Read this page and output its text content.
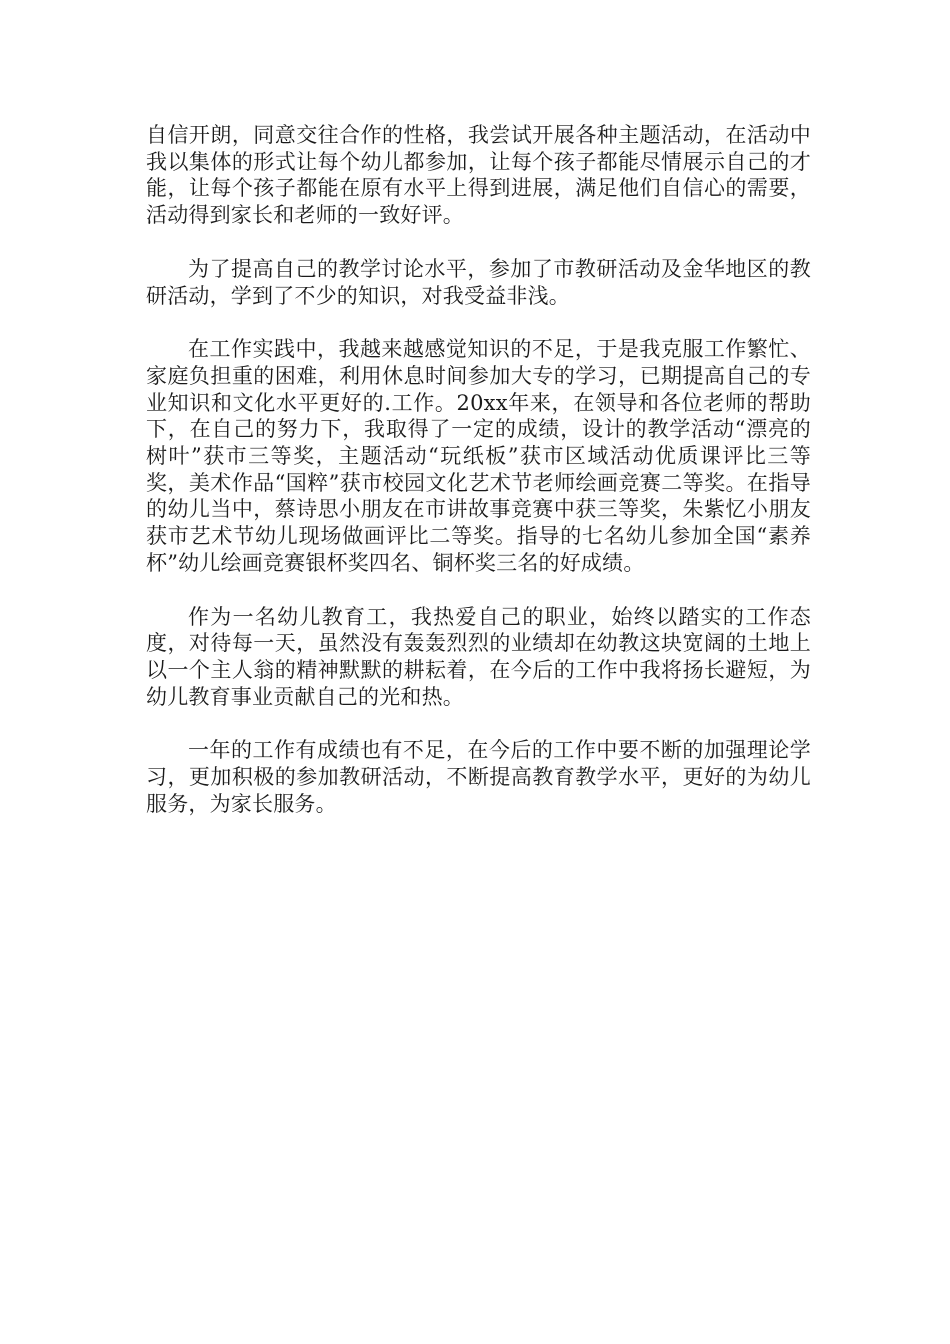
自信开朗，同意交往合作的性格，我尝试开展各种主题活动，在活动中我以集体的形式让每个幼儿都参加，让每个孩子都能尽情展示自己的才能，让每个孩子都能在原有水平上得到进展，满足他们自信心的需要，活动得到家长和老师的一致好评。

为了提高自己的教学讨论水平，参加了市教研活动及金华地区的教研活动，学到了不少的知识，对我受益非浅。

在工作实践中，我越来越感觉知识的不足，于是我克服工作繁忙、家庭负担重的困难，利用休息时间参加大专的学习，已期提高自己的专业知识和文化水平更好的.工作。20xx年来，在领导和各位老师的帮助下，在自己的努力下，我取得了一定的成绩，设计的教学活动“漂亮的树叶”获市三等奖，主题活动“玩纸板”获市区域活动优质课评比三等奖，美术作品“国粹”获市校园文化艺术节老师绘画竞赛二等奖。在指导的幼儿当中，蔡诗思小朋友在市讲故事竞赛中获三等奖，朱紫忆小朋友获市艺术节幼儿现场做画评比二等奖。指导的七名幼儿参加全国“素养杯”幼儿绘画竞赛银杯奖四名、铜杯奖三名的好成绩。

作为一名幼儿教育工，我热爱自己的职业，始终以踏实的工作态度，对待每一天，虽然没有轰轰烈烈的业绩却在幼教这块宽阔的土地上以一个主人翁的精神默默的耕耘着，在今后的工作中我将扬长避短，为幼儿教育事业贡献自己的光和热。

一年的工作有成绩也有不足，在今后的工作中要不断的加强理论学习，更加积极的参加教研活动，不断提高教育教学水平，更好的为幼儿服务，为家长服务。
